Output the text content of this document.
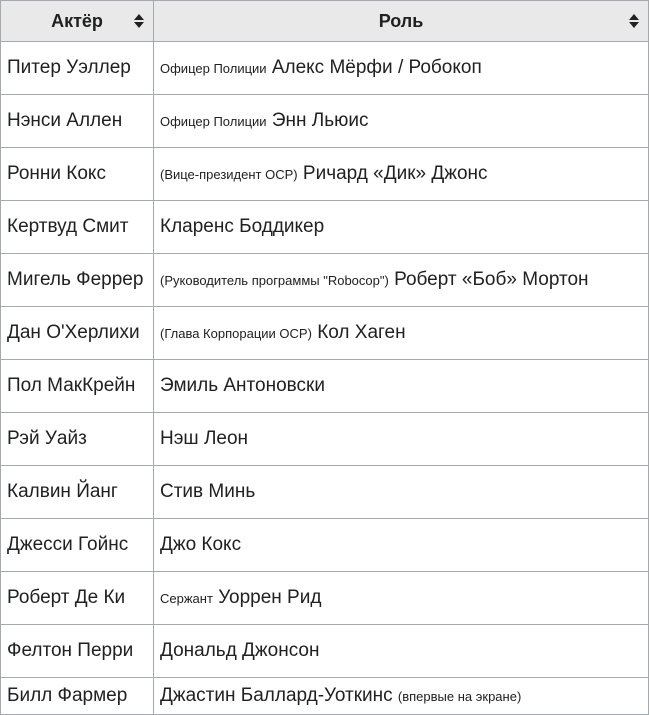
Актёр	Роль

Питер Уэллер	Офицер Полиции Алекс Мёрфи / Робокоп
Нэнси Аллен	Офицер Полиции Энн Льюис
Ронни Кокс	(Вице-президент OCP) Ричард «Дик» Джонс
Кертвуд Смит	Кларенс Боддикер
Мигель Феррер	(Руководитель программы "Robocop") Роберт «Боб» Мортон
Дан О'Херлихи	(Глава Корпорации OCP) Кол Хаген
Пол МакКрейн	Эмиль Антоновски
Рэй Уайз	Нэш Леон
Калвин Йанг	Стив Минь
Джесси Гойнс	Джо Кокс
Роберт Де Ки	Сержант Уоррен Рид
Фелтон Перри	Дональд Джонсон
Билл Фармер	Джастин Баллард-Уоткинс (впервые на экране)
